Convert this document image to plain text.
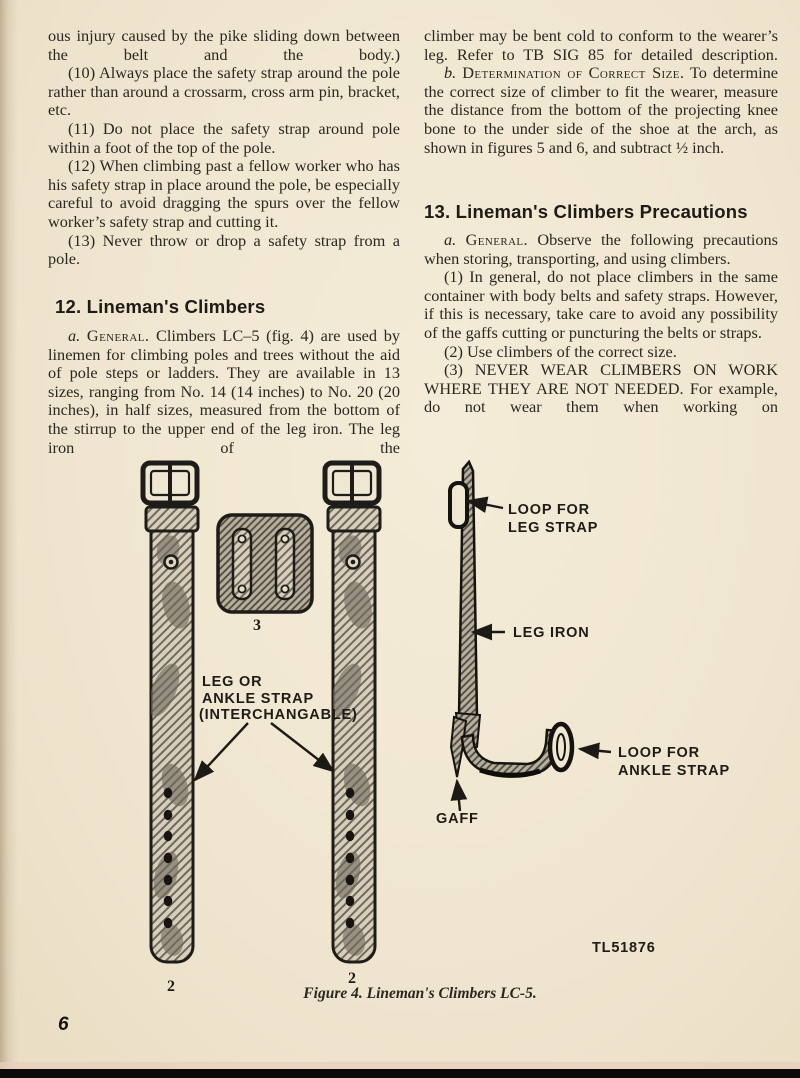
ous injury caused by the pike sliding down between the belt and the body.)

(10) Always place the safety strap around the pole rather than around a crossarm, cross arm pin, bracket, etc.

(11) Do not place the safety strap around pole within a foot of the top of the pole.

(12) When climbing past a fellow worker who has his safety strap in place around the pole, be especially careful to avoid dragging the spurs over the fellow worker’s safety strap and cutting it.

(13) Never throw or drop a safety strap from a pole.

12. Lineman's Climbers

a. General. Climbers LC–5 (fig. 4) are used by linemen for climbing poles and trees without the aid of pole steps or ladders. They are available in 13 sizes, ranging from No. 14 (14 inches) to No. 20 (20 inches), in half sizes, measured from the bottom of the stirrup to the upper end of the leg iron. The leg iron of the

climber may be bent cold to conform to the wearer’s leg. Refer to TB SIG 85 for detailed description.

b. Determination of Correct Size. To determine the correct size of climber to fit the wearer, measure the distance from the bottom of the projecting knee bone to the under side of the shoe at the arch, as shown in figures 5 and 6, and subtract ½ inch.

13. Lineman's Climbers Precautions

a. General. Observe the following precautions when storing, transporting, and using climbers.

(1) In general, do not place climbers in the same container with body belts and safety straps. However, if this is necessary, take care to avoid any possibility of the gaffs cutting or puncturing the belts or straps.

(2) Use climbers of the correct size.

(3) NEVER WEAR CLIMBERS ON WORK WHERE THEY ARE NOT NEEDED. For example, do not wear them when working on

LEG OR
ANKLE STRAP
(INTERCHANGABLE)
LOOP FOR
LEG STRAP
LEG IRON
LOOP FOR
ANKLE STRAP
GAFF
TL51876
2	2
3
Figure 4. Lineman's Climbers LC-5.
6
